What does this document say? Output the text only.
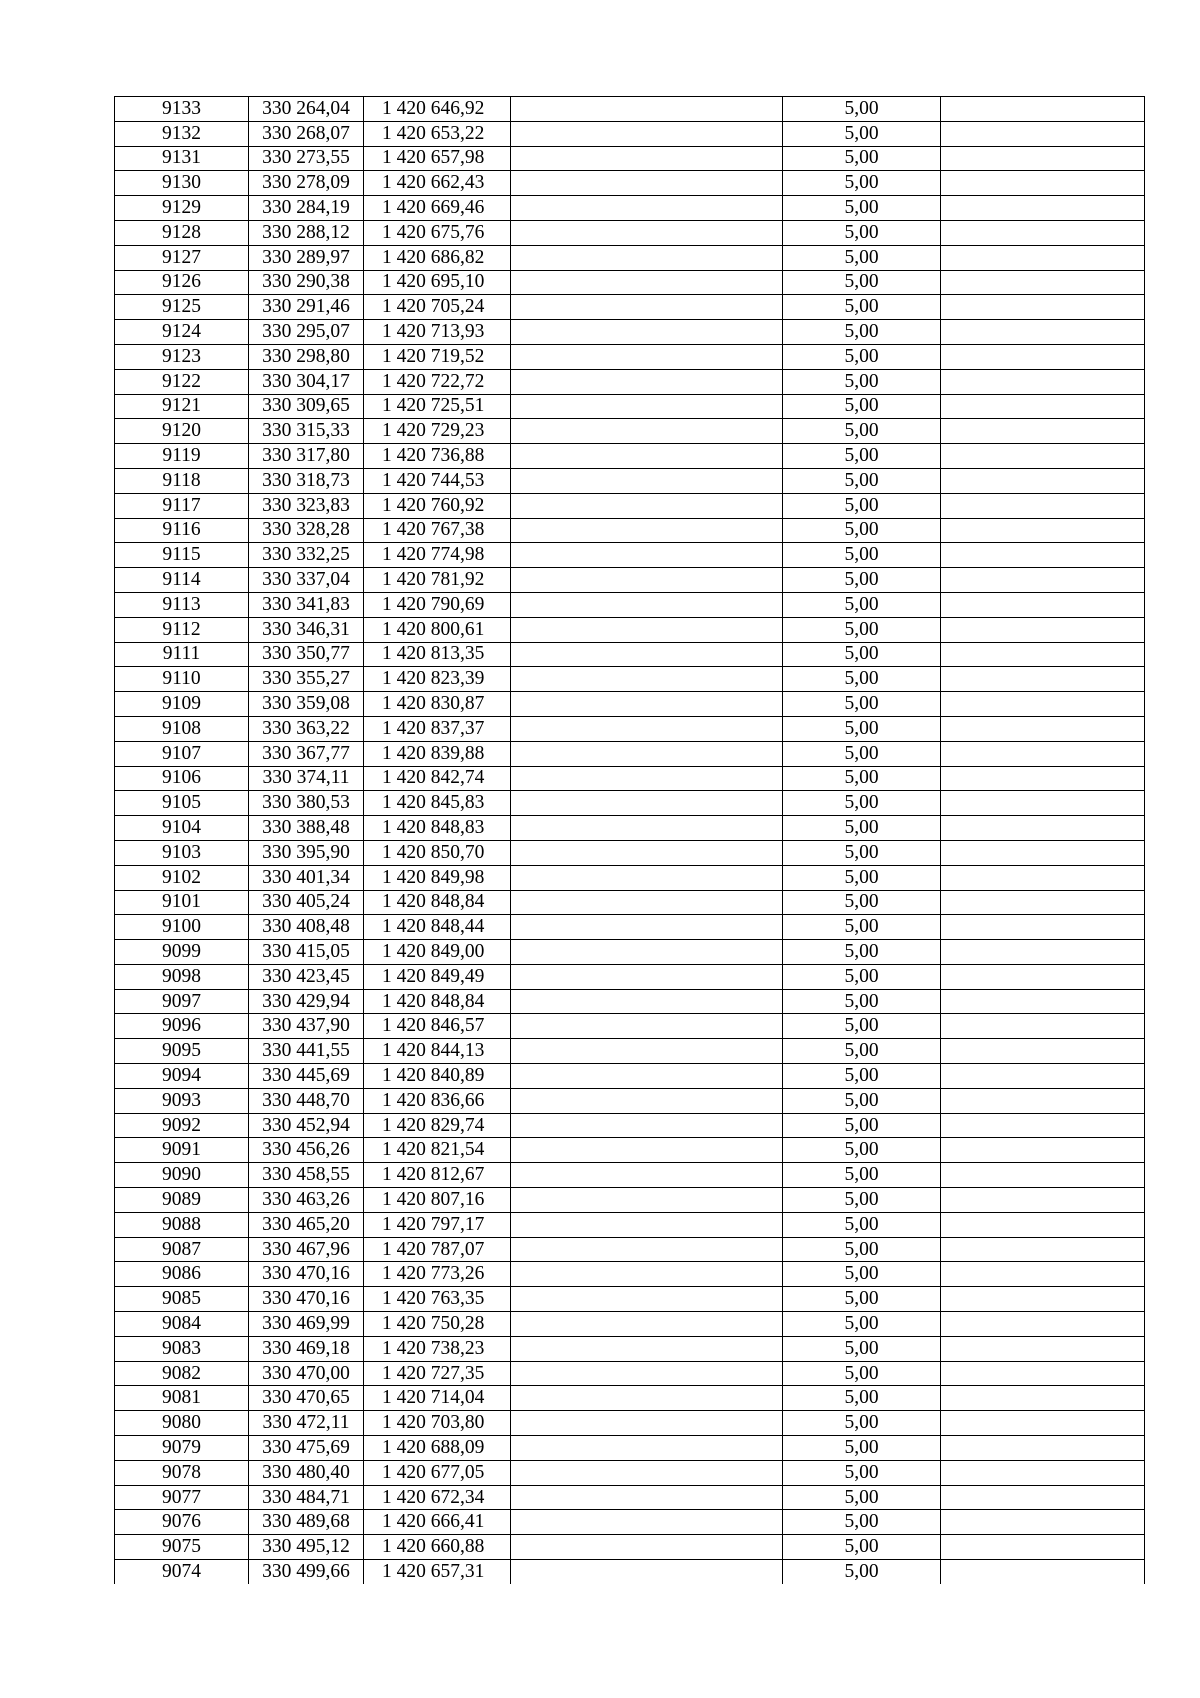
9133	330 264,04	1 420 646,92		5,00	
9132	330 268,07	1 420 653,22		5,00	
9131	330 273,55	1 420 657,98		5,00	
9130	330 278,09	1 420 662,43		5,00	
9129	330 284,19	1 420 669,46		5,00	
9128	330 288,12	1 420 675,76		5,00	
9127	330 289,97	1 420 686,82		5,00	
9126	330 290,38	1 420 695,10		5,00	
9125	330 291,46	1 420 705,24		5,00	
9124	330 295,07	1 420 713,93		5,00	
9123	330 298,80	1 420 719,52		5,00	
9122	330 304,17	1 420 722,72		5,00	
9121	330 309,65	1 420 725,51		5,00	
9120	330 315,33	1 420 729,23		5,00	
9119	330 317,80	1 420 736,88		5,00	
9118	330 318,73	1 420 744,53		5,00	
9117	330 323,83	1 420 760,92		5,00	
9116	330 328,28	1 420 767,38		5,00	
9115	330 332,25	1 420 774,98		5,00	
9114	330 337,04	1 420 781,92		5,00	
9113	330 341,83	1 420 790,69		5,00	
9112	330 346,31	1 420 800,61		5,00	
9111	330 350,77	1 420 813,35		5,00	
9110	330 355,27	1 420 823,39		5,00	
9109	330 359,08	1 420 830,87		5,00	
9108	330 363,22	1 420 837,37		5,00	
9107	330 367,77	1 420 839,88		5,00	
9106	330 374,11	1 420 842,74		5,00	
9105	330 380,53	1 420 845,83		5,00	
9104	330 388,48	1 420 848,83		5,00	
9103	330 395,90	1 420 850,70		5,00	
9102	330 401,34	1 420 849,98		5,00	
9101	330 405,24	1 420 848,84		5,00	
9100	330 408,48	1 420 848,44		5,00	
9099	330 415,05	1 420 849,00		5,00	
9098	330 423,45	1 420 849,49		5,00	
9097	330 429,94	1 420 848,84		5,00	
9096	330 437,90	1 420 846,57		5,00	
9095	330 441,55	1 420 844,13		5,00	
9094	330 445,69	1 420 840,89		5,00	
9093	330 448,70	1 420 836,66		5,00	
9092	330 452,94	1 420 829,74		5,00	
9091	330 456,26	1 420 821,54		5,00	
9090	330 458,55	1 420 812,67		5,00	
9089	330 463,26	1 420 807,16		5,00	
9088	330 465,20	1 420 797,17		5,00	
9087	330 467,96	1 420 787,07		5,00	
9086	330 470,16	1 420 773,26		5,00	
9085	330 470,16	1 420 763,35		5,00	
9084	330 469,99	1 420 750,28		5,00	
9083	330 469,18	1 420 738,23		5,00	
9082	330 470,00	1 420 727,35		5,00	
9081	330 470,65	1 420 714,04		5,00	
9080	330 472,11	1 420 703,80		5,00	
9079	330 475,69	1 420 688,09		5,00	
9078	330 480,40	1 420 677,05		5,00	
9077	330 484,71	1 420 672,34		5,00	
9076	330 489,68	1 420 666,41		5,00	
9075	330 495,12	1 420 660,88		5,00	
9074	330 499,66	1 420 657,31		5,00	
